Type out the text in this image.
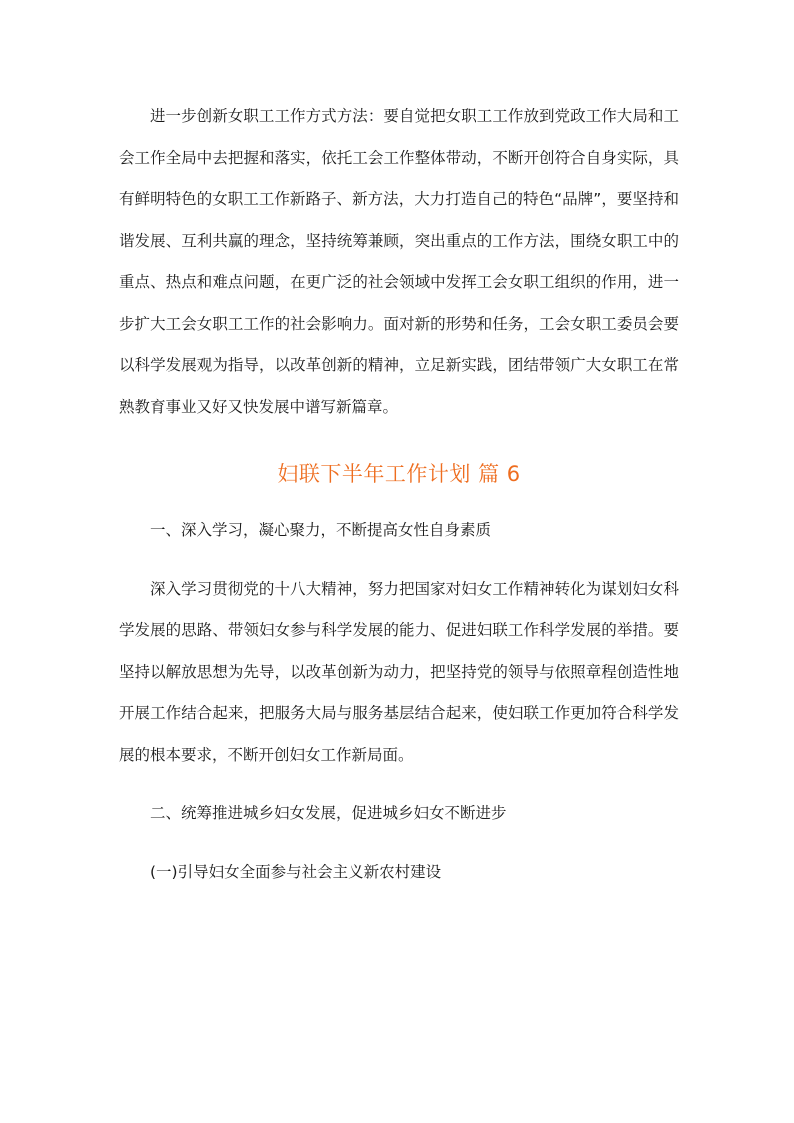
进一步创新女职工工作方式方法：要自觉把女职工工作放到党政工作大局和工会工作全局中去把握和落实，依托工会工作整体带动，不断开创符合自身实际，具有鲜明特色的女职工工作新路子、新方法，大力打造自己的特色“品牌”，要坚持和谐发展、互利共赢的理念，坚持统筹兼顾，突出重点的工作方法，围绕女职工中的重点、热点和难点问题，在更广泛的社会领域中发挥工会女职工组织的作用，进一步扩大工会女职工工作的社会影响力。面对新的形势和任务，工会女职工委员会要以科学发展观为指导，以改革创新的精神，立足新实践，团结带领广大女职工在常熟教育事业又好又快发展中谱写新篇章。

妇联下半年工作计划 篇 6

一、深入学习，凝心聚力，不断提高女性自身素质

深入学习贯彻党的十八大精神，努力把国家对妇女工作精神转化为谋划妇女科学发展的思路、带领妇女参与科学发展的能力、促进妇联工作科学发展的举措。要坚持以解放思想为先导，以改革创新为动力，把坚持党的领导与依照章程创造性地开展工作结合起来，把服务大局与服务基层结合起来，使妇联工作更加符合科学发展的根本要求，不断开创妇女工作新局面。

二、统筹推进城乡妇女发展，促进城乡妇女不断进步

(一)引导妇女全面参与社会主义新农村建设
